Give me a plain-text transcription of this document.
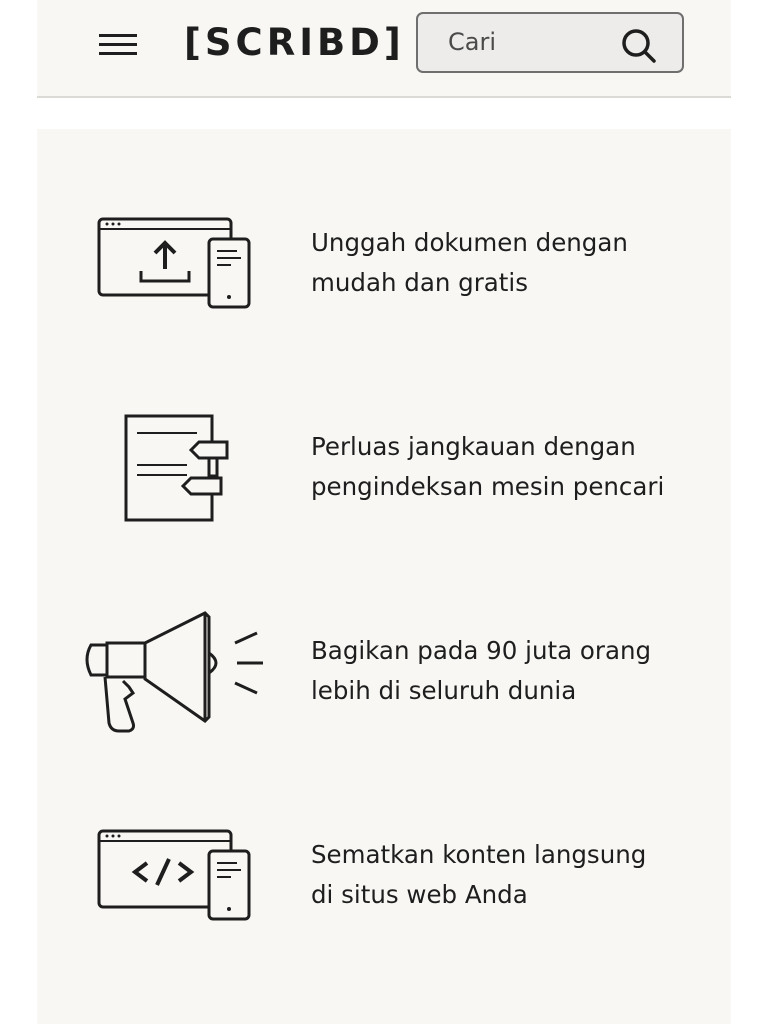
[SCRIBD] Cari
Unggah dokumen dengan
mudah dan gratis
Perluas jangkauan dengan
pengindeksan mesin pencari
Bagikan pada 90 juta orang
lebih di seluruh dunia
Sematkan konten langsung
di situs web Anda
